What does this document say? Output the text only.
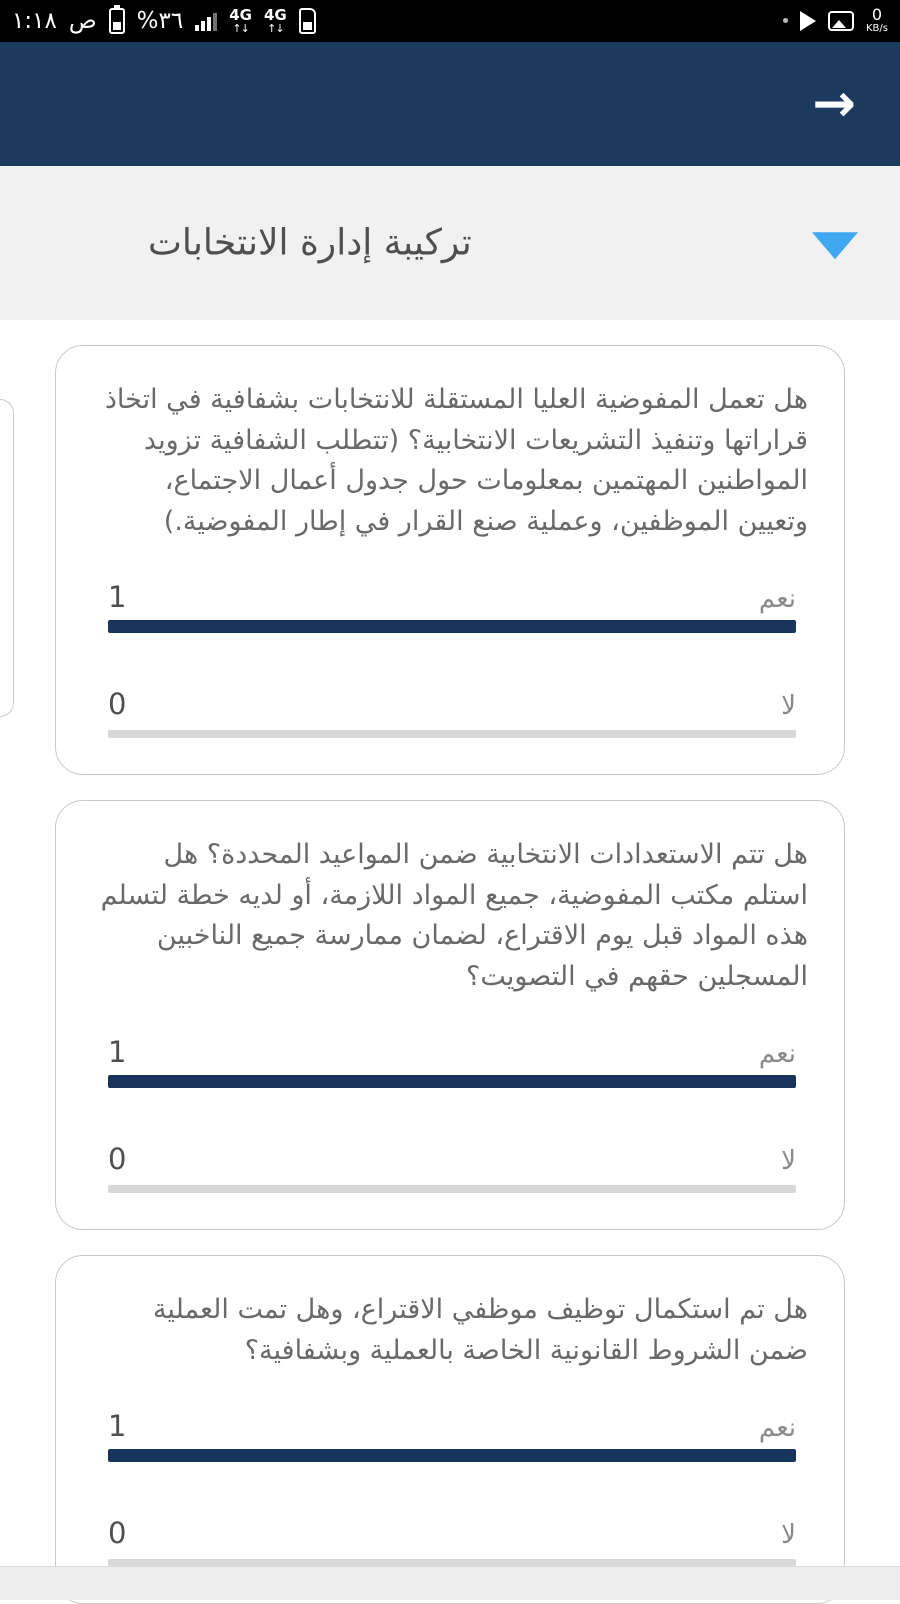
١:١٨ ص %٣٦	4G
↑↓
4G
↑↓
0
KB/s
→
تركيبة إدارة الانتخابات

هل تعمل المفوضية العليا المستقلة للانتخابات بشفافية في اتخاذ قراراتها وتنفيذ التشريعات الانتخابية؟ (تتطلب الشفافية تزويد المواطنين المهتمين بمعلومات حول جدول أعمال الاجتماع، وتعيين الموظفين، وعملية صنع القرار في إطار المفوضية.)

نعم
1
لا
0

هل تتم الاستعدادات الانتخابية ضمن المواعيد المحددة؟ هل استلم مكتب المفوضية، جميع المواد اللازمة، أو لديه خطة لتسلم هذه المواد قبل يوم الاقتراع، لضمان ممارسة جميع الناخبين المسجلين حقهم في التصويت؟

نعم
1
لا
0

هل تم استكمال توظيف موظفي الاقتراع، وهل تمت العملية ضمن الشروط القانونية الخاصة بالعملية وبشفافية؟

نعم
1
لا
0
